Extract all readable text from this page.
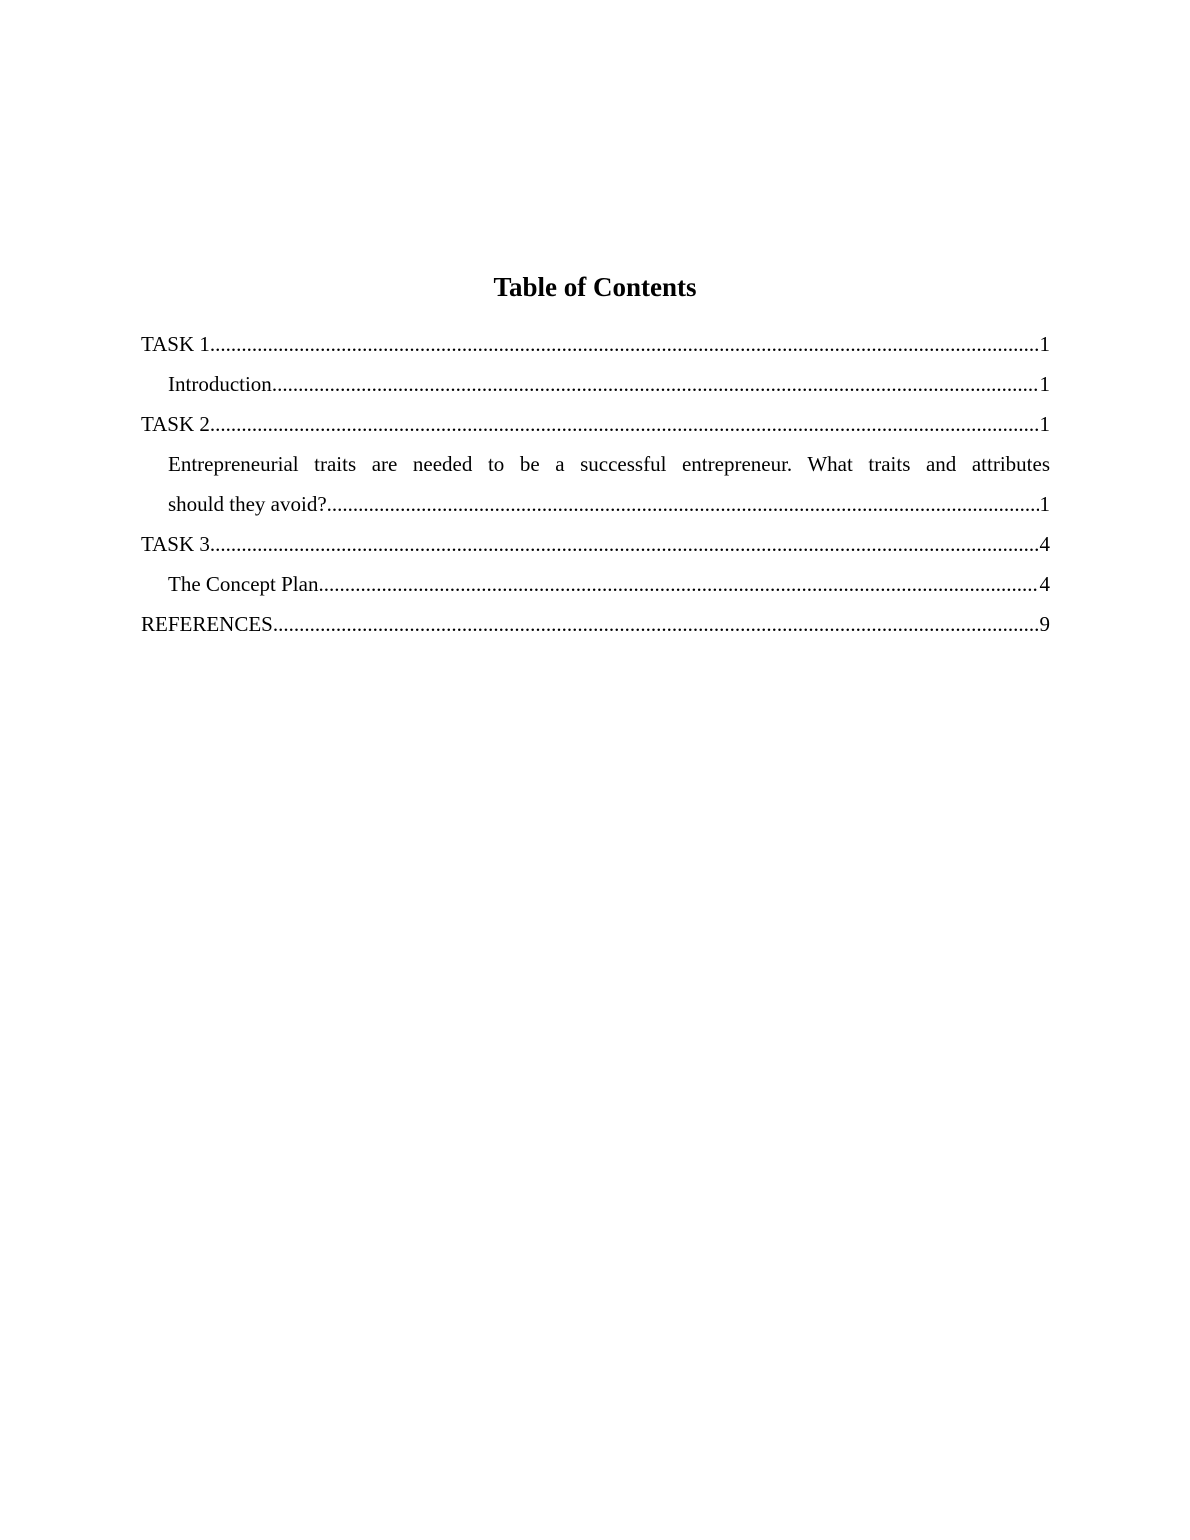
Table of Contents
TASK 1 .....	1
Introduction .....	1
TASK 2 .....	1
Entrepreneurial traits are needed to be a successful entrepreneur. What traits and attributes
should they avoid? .....	1
TASK 3 .....	4
The Concept Plan .....	4
REFERENCES .....	9
